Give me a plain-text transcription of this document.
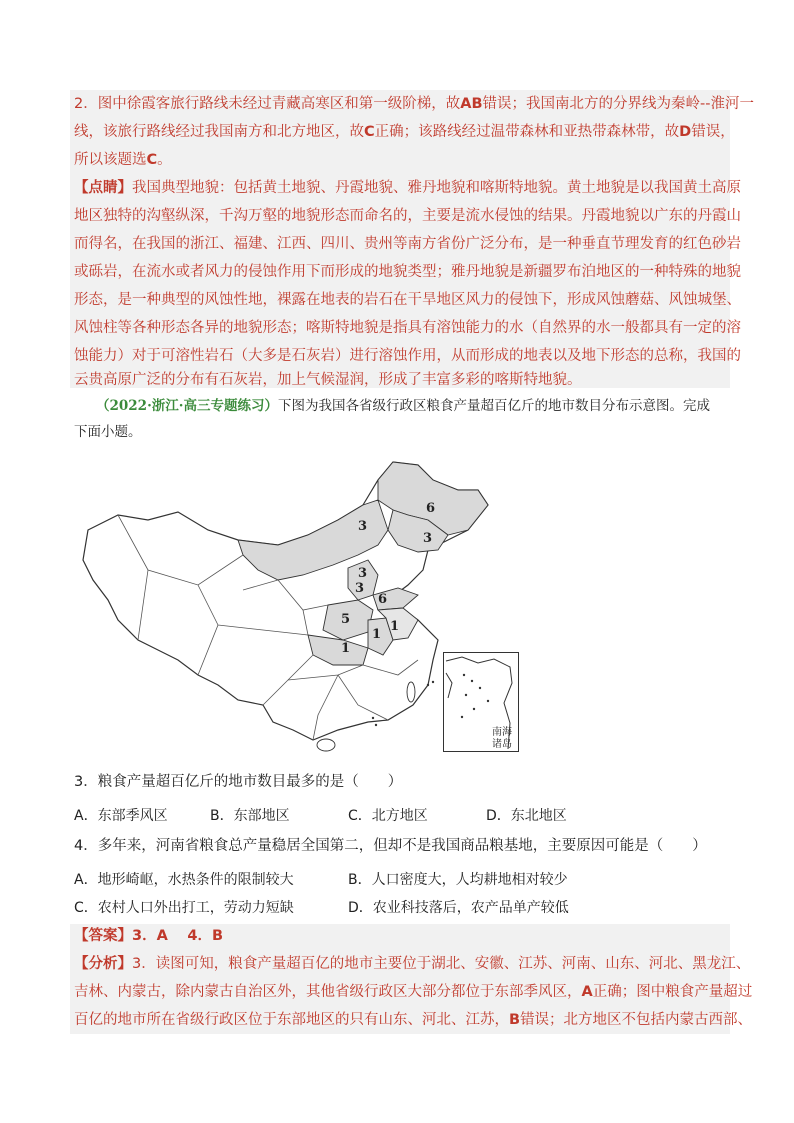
2．图中徐霞客旅行路线未经过青藏高寒区和第一级阶梯，故AB错误；我国南北方的分界线为秦岭--淮河一
线，该旅行路线经过我国南方和北方地区，故C正确；该路线经过温带森林和亚热带森林带，故D错误，
所以该题选C。
【点睛】我国典型地貌：包括黄土地貌、丹霞地貌、雅丹地貌和喀斯特地貌。黄土地貌是以我国黄土高原
地区独特的沟壑纵深，千沟万壑的地貌形态而命名的，主要是流水侵蚀的结果。丹霞地貌以广东的丹霞山
而得名，在我国的浙江、福建、江西、四川、贵州等南方省份广泛分布，是一种垂直节理发育的红色砂岩
或砾岩，在流水或者风力的侵蚀作用下而形成的地貌类型；雅丹地貌是新疆罗布泊地区的一种特殊的地貌
形态，是一种典型的风蚀性地，裸露在地表的岩石在干旱地区风力的侵蚀下，形成风蚀蘑菇、风蚀城堡、
风蚀柱等各种形态各异的地貌形态；喀斯特地貌是指具有溶蚀能力的水（自然界的水一般都具有一定的溶
蚀能力）对于可溶性岩石（大多是石灰岩）进行溶蚀作用，从而形成的地表以及地下形态的总称，我国的
云贵高原广泛的分布有石灰岩，加上气候湿润，形成了丰富多彩的喀斯特地貌。
（2022·浙江·高三专题练习）下图为我国各省级行政区粮食产量超百亿斤的地市数目分布示意图。完成
下面小题。
6
3
3
3
3
6
5
1
1
1
南海
诸岛
3．粮食产量超百亿斤的地市数目最多的是（　　）
A．东部季风区	B．东部地区	C．北方地区	D．东北地区
4．多年来，河南省粮食总产量稳居全国第二，但却不是我国商品粮基地，主要原因可能是（　　）
A．地形崎岖，水热条件的限制较大	B．人口密度大，人均耕地相对较少
C．农村人口外出打工，劳动力短缺	D．农业科技落后，农产品单产较低
【答案】3．A　 4．B
【分析】3．读图可知，粮食产量超百亿的地市主要位于湖北、安徽、江苏、河南、山东、河北、黑龙江、
吉林、内蒙古，除内蒙古自治区外，其他省级行政区大部分都位于东部季风区，A正确；图中粮食产量超过
百亿的地市所在省级行政区位于东部地区的只有山东、河北、江苏，B错误；北方地区不包括内蒙古西部、
